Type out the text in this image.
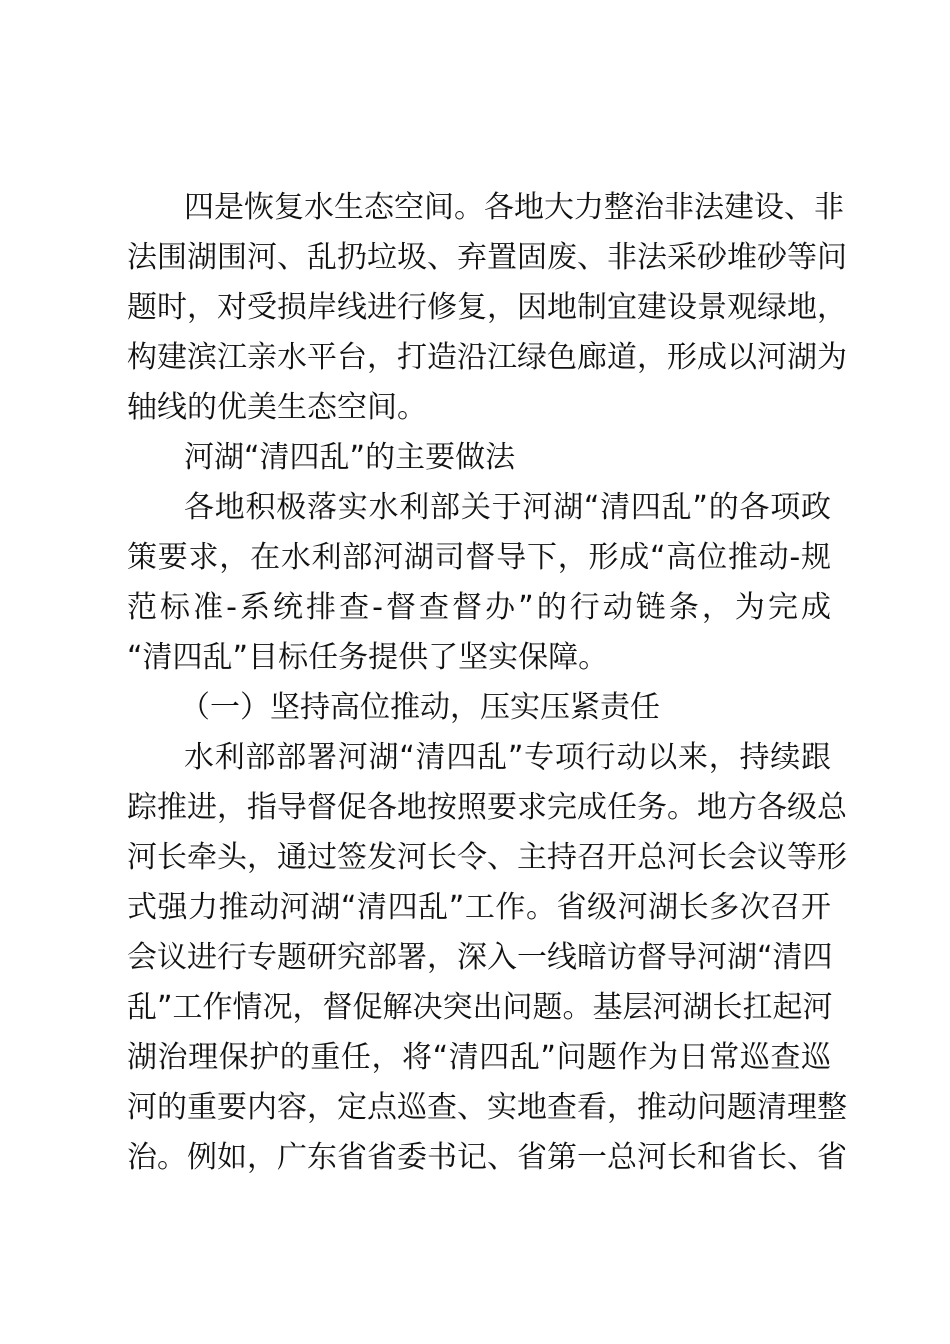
四是恢复水生态空间。各地大力整治非法建设、非
法围湖围河、乱扔垃圾、弃置固废、非法采砂堆砂等问
题时，对受损岸线进行修复，因地制宜建设景观绿地，
构建滨江亲水平台，打造沿江绿色廊道，形成以河湖为
轴线的优美生态空间。
河湖“清四乱”的主要做法
各地积极落实水利部关于河湖“清四乱”的各项政
策要求，在水利部河湖司督导下，形成“高位推动-规
范标准-系统排查-督查督办”的行动链条，为完成
“清四乱”目标任务提供了坚实保障。
（一）坚持高位推动，压实压紧责任
水利部部署河湖“清四乱”专项行动以来，持续跟
踪推进，指导督促各地按照要求完成任务。地方各级总
河长牵头，通过签发河长令、主持召开总河长会议等形
式强力推动河湖“清四乱”工作。省级河湖长多次召开
会议进行专题研究部署，深入一线暗访督导河湖“清四
乱”工作情况，督促解决突出问题。基层河湖长扛起河
湖治理保护的重任，将“清四乱”问题作为日常巡查巡
河的重要内容，定点巡查、实地查看，推动问题清理整
治。例如，广东省省委书记、省第一总河长和省长、省
